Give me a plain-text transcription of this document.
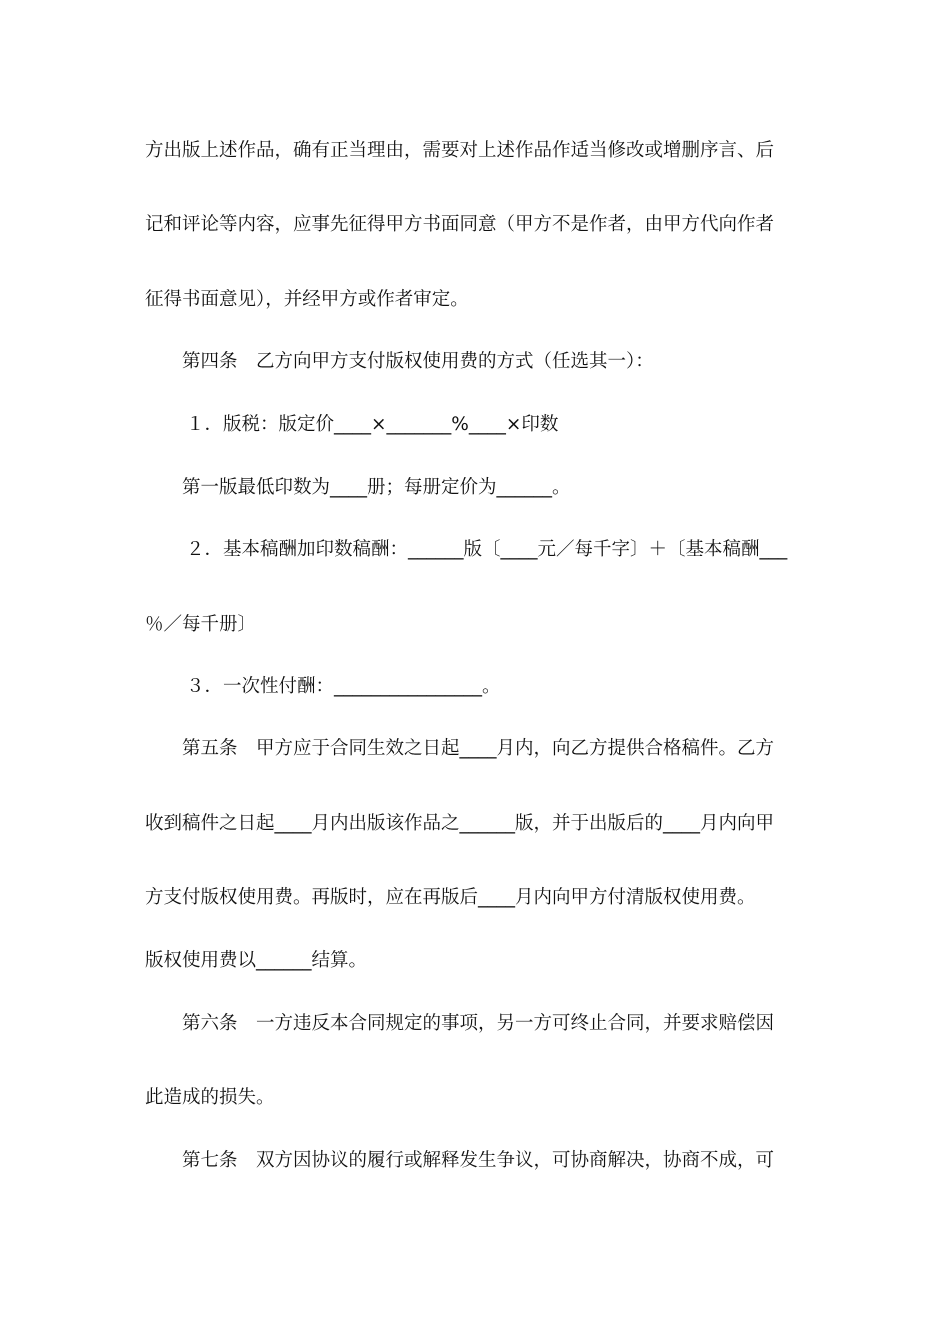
方出版上述作品，确有正当理由，需要对上述作品作适当修改或增删序言、后
记和评论等内容，应事先征得甲方书面同意（甲方不是作者，由甲方代向作者
征得书面意见），并经甲方或作者审定。
第四条　乙方向甲方支付版权使用费的方式（任选其一）：
１．版税：版定价____×_______%____×印数
第一版最低印数为____册；每册定价为______。
２．基本稿酬加印数稿酬：______版〔____元／每千字〕＋〔基本稿酬___
％／每千册〕
３．一次性付酬：________________。
第五条　甲方应于合同生效之日起____月内，向乙方提供合格稿件。乙方
收到稿件之日起____月内出版该作品之______版，并于出版后的____月内向甲
方支付版权使用费。再版时，应在再版后____月内向甲方付清版权使用费。
版权使用费以______结算。
第六条　一方违反本合同规定的事项，另一方可终止合同，并要求赔偿因
此造成的损失。
第七条　双方因协议的履行或解释发生争议，可协商解决，协商不成，可
